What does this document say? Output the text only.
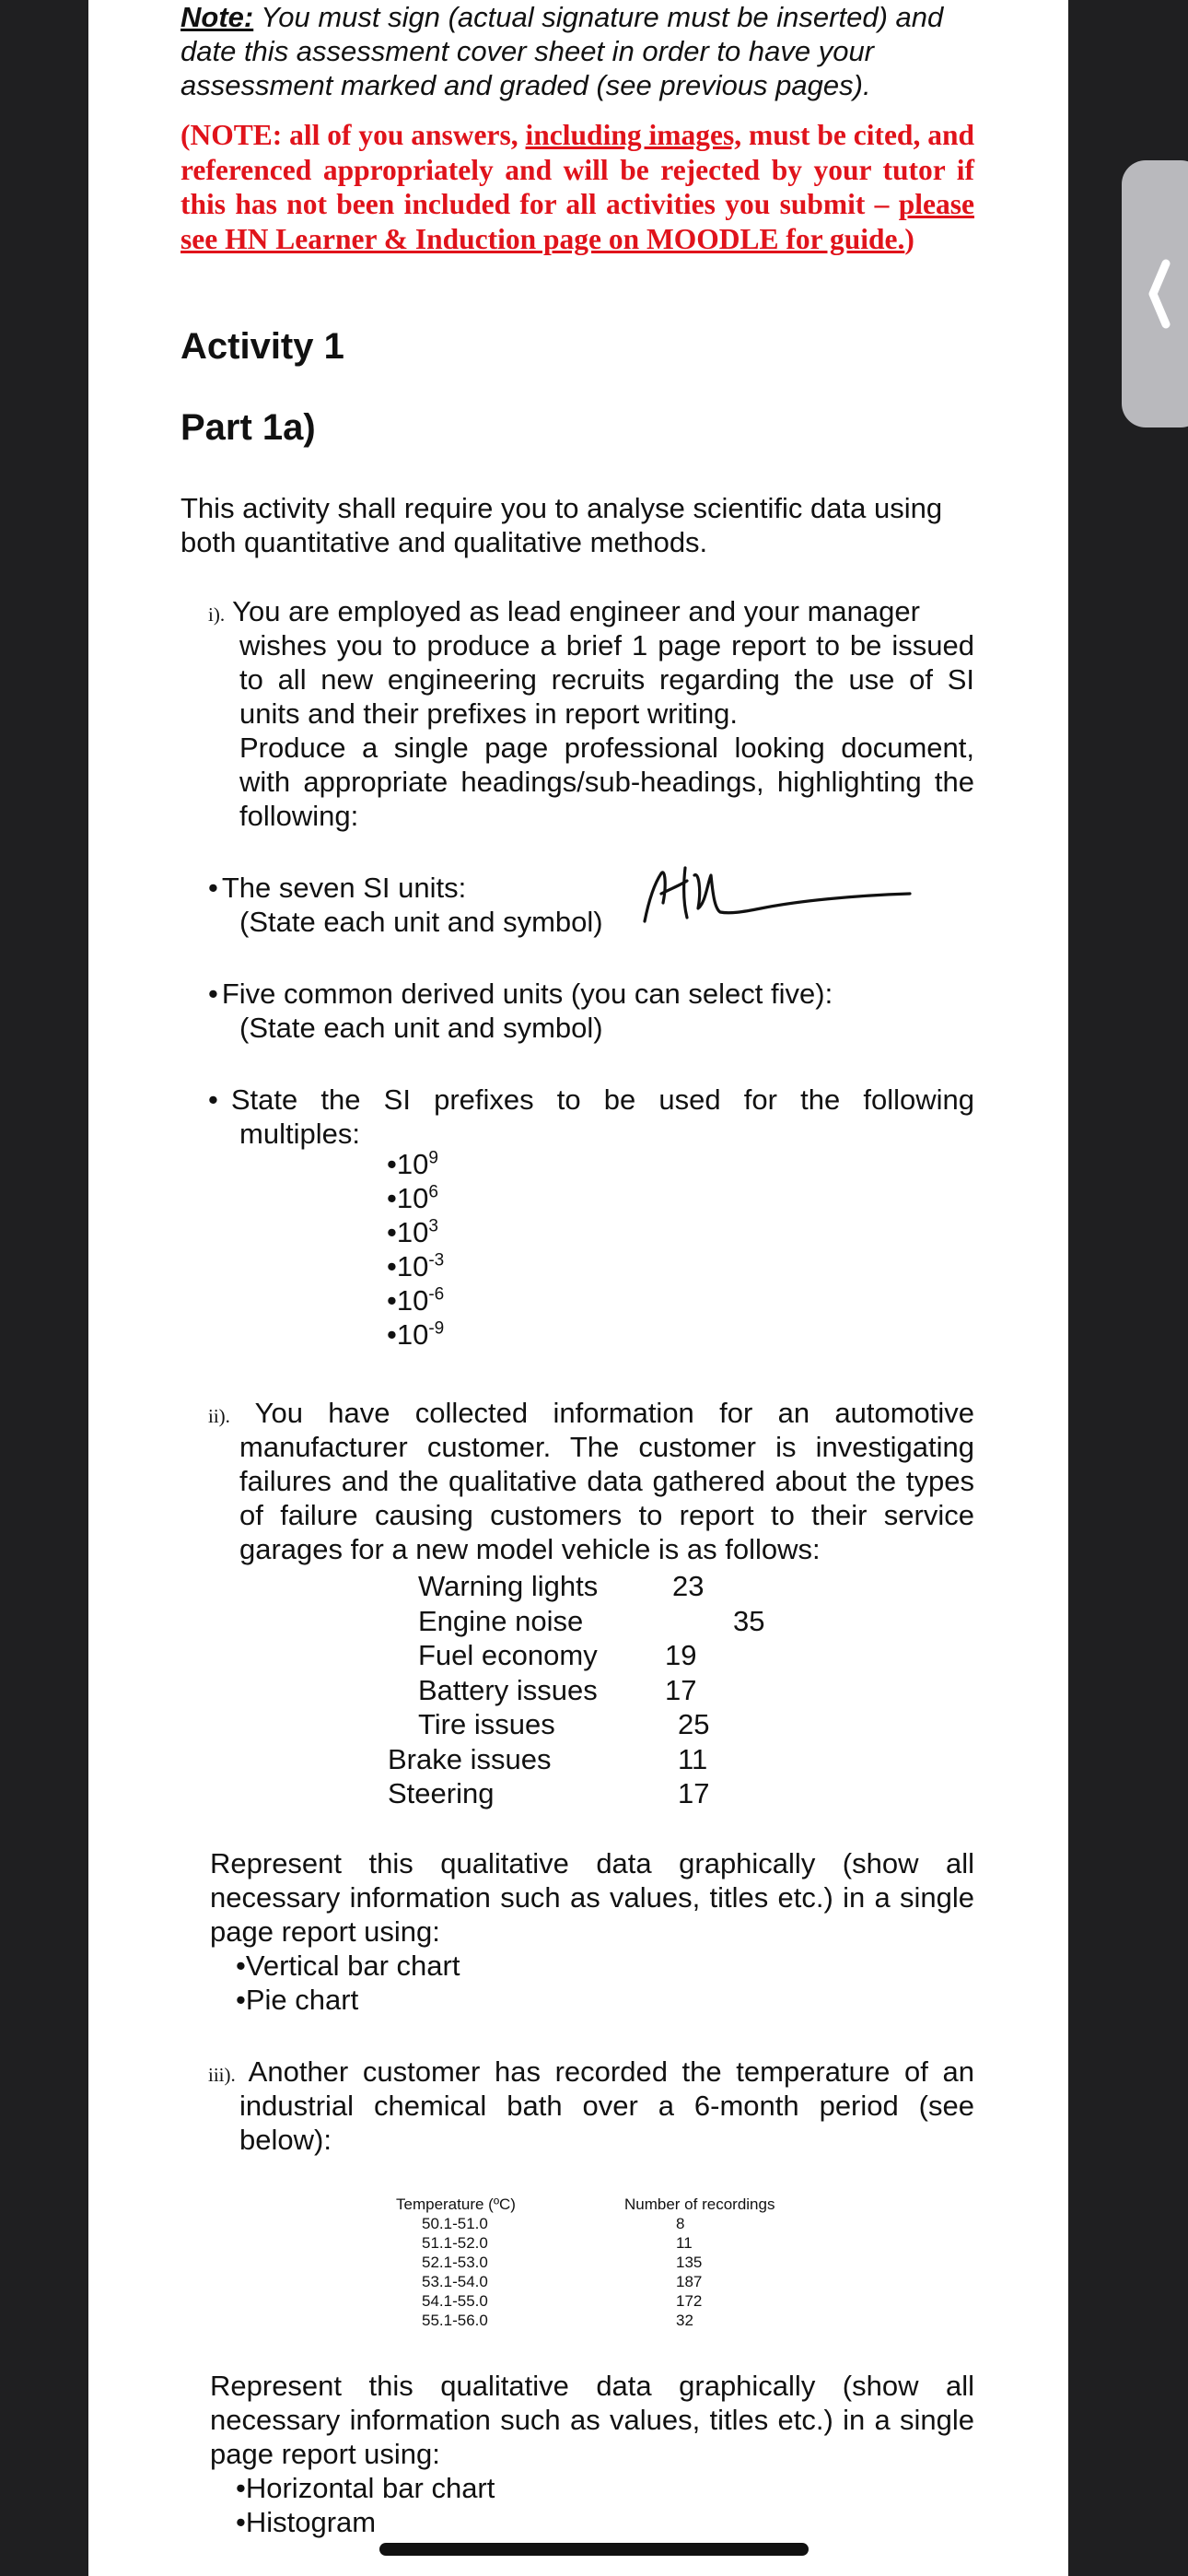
Note: You must sign (actual signature must be inserted) and date this assessment cover sheet in order to have your assessment marked and graded (see previous pages).

(NOTE: all of you answers, including images, must be cited, and referenced appropriately and will be rejected by your tutor if this has not been included for all activities you submit – please see HN Learner & Induction page on MOODLE for guide.)

Activity 1
Part 1a)

This activity shall require you to analyse scientific data using both quantitative and qualitative methods.

i). You are employed as lead engineer and your manager

wishes you to produce a brief 1 page report to be issued to all new engineering recruits regarding the use of SI units and their prefixes in report writing.

Produce a single page professional looking document, with appropriate headings/sub-headings, highlighting the following:

• The seven SI units:
(State each unit and symbol)
• Five common derived units (you can select five):
(State each unit and symbol)
• State the SI prefixes to be used for the following
multiples:
$•10^9$
$•10^6$
$•10^3$
$•10^{-3}$
$•10^{-6}$
$•10^{-9}$
ii). You have collected information for an automotive

manufacturer customer. The customer is investigating failures and the qualitative data gathered about the types of failure causing customers to report to their service garages for a new model vehicle is as follows:

Warning lights	23
Engine noise	35
Fuel economy 19
Battery issues 17
Tire issues	25
Brake issues	11
Steering	17

Represent this qualitative data graphically (show all necessary information such as values, titles etc.) in a single page report using:

•Vertical bar chart
•Pie chart
iii). Another customer has recorded the temperature of an

industrial chemical bath over a 6-month period (see below):

Temperature (ºC)	Number of recordings
50.1-51.0	8
51.1-52.0	11
52.1-53.0	135
53.1-54.0	187
54.1-55.0	172
55.1-56.0	32

Represent this qualitative data graphically (show all necessary information such as values, titles etc.) in a single page report using:

•Horizontal bar chart
•Histogram
